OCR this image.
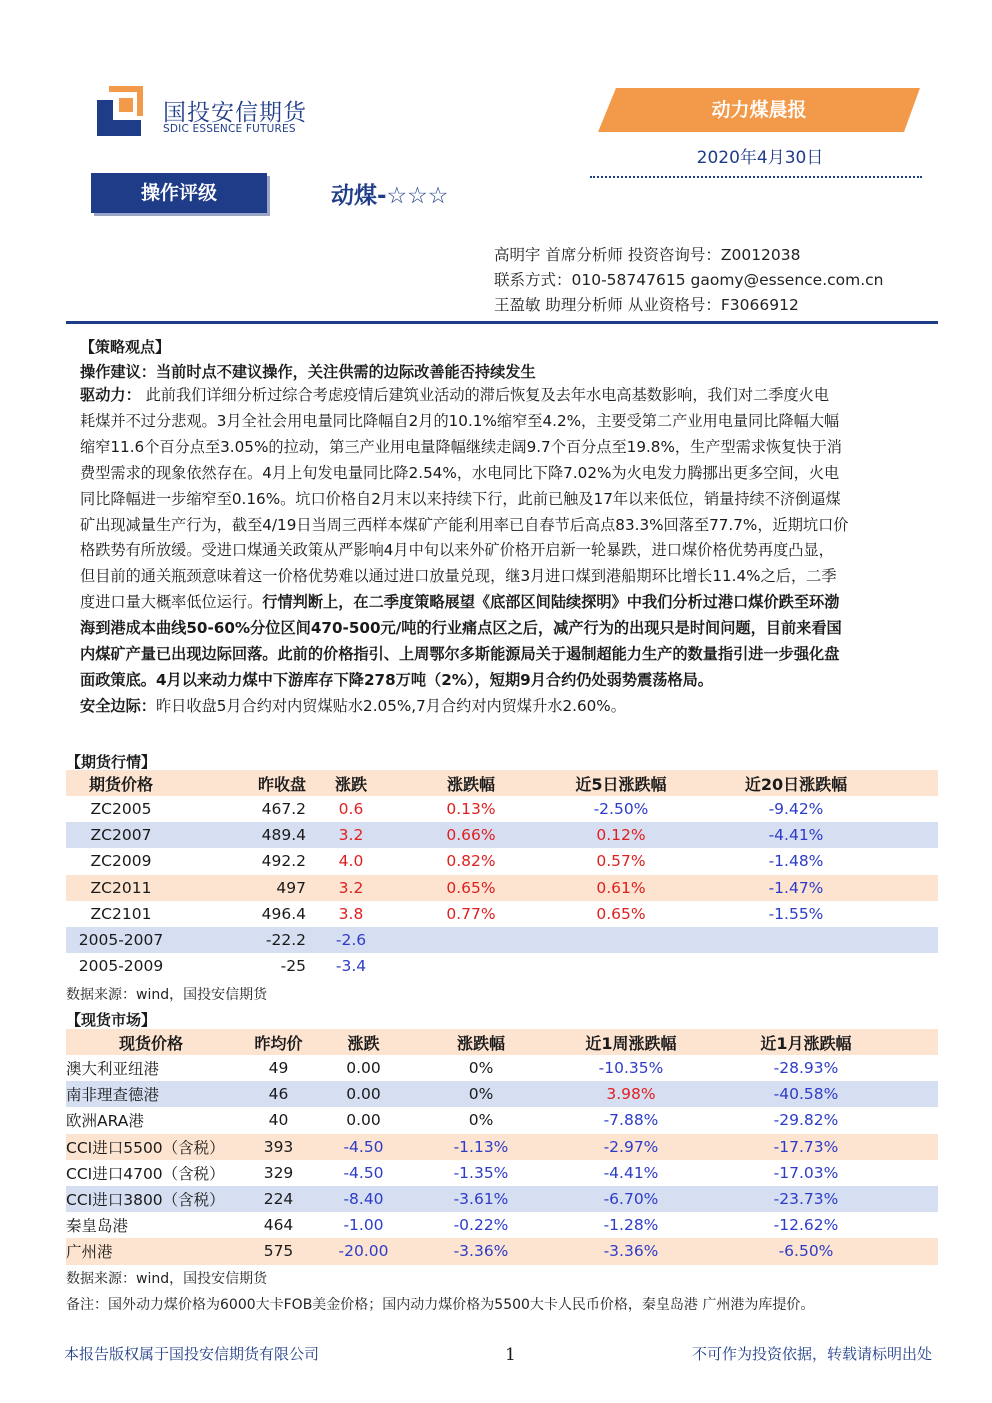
国投安信期货
SDIC ESSENCE FUTURES
动力煤晨报
2020年4月30日
操作评级	动煤-☆☆☆
高明宇 首席分析师 投资咨询号：Z0012038
联系方式：010-58747615 gaomy@essence.com.cn
王盈敏 助理分析师 从业资格号：F3066912
【策略观点】
操作建议：当前时点不建议操作，关注供需的边际改善能否持续发生
驱动力： 此前我们详细分析过综合考虑疫情后建筑业活动的滞后恢复及去年水电高基数影响，我们对二季度火电
耗煤并不过分悲观。3月全社会用电量同比降幅自2月的10.1%缩窄至4.2%，主要受第二产业用电量同比降幅大幅
缩窄11.6个百分点至3.05%的拉动，第三产业用电量降幅继续走阔9.7个百分点至19.8%，生产型需求恢复快于消
费型需求的现象依然存在。4月上旬发电量同比降2.54%，水电同比下降7.02%为火电发力腾挪出更多空间，火电
同比降幅进一步缩窄至0.16%。坑口价格自2月末以来持续下行，此前已触及17年以来低位，销量持续不济倒逼煤
矿出现减量生产行为，截至4/19日当周三西样本煤矿产能利用率已自春节后高点83.3%回落至77.7%，近期坑口价
格跌势有所放缓。受进口煤通关政策从严影响4月中旬以来外矿价格开启新一轮暴跌，进口煤价格优势再度凸显，
但目前的通关瓶颈意味着这一价格优势难以通过进口放量兑现，继3月进口煤到港船期环比增长11.4%之后，二季
度进口量大概率低位运行。行情判断上，在二季度策略展望《底部区间陆续探明》中我们分析过港口煤价跌至环渤
海到港成本曲线50-60%分位区间470-500元/吨的行业痛点区之后，减产行为的出现只是时间问题，目前来看国
内煤矿产量已出现边际回落。此前的价格指引、上周鄂尔多斯能源局关于遏制超能力生产的数量指引进一步强化盘
面政策底。4月以来动力煤中下游库存下降278万吨（2%），短期9月合约仍处弱势震荡格局。
安全边际：昨日收盘5月合约对内贸煤贴水2.05%,7月合约对内贸煤升水2.60%。
【期货行情】
期货价格	昨收盘	涨跌	涨跌幅	近5日涨跌幅	近20日涨跌幅	
ZC2005	467.2	0.6	0.13%	-2.50%	-9.42%	
ZC2007	489.4	3.2	0.66%	0.12%	-4.41%	
ZC2009	492.2	4.0	0.82%	0.57%	-1.48%	
ZC2011	497	3.2	0.65%	0.61%	-1.47%	
ZC2101	496.4	3.8	0.77%	0.65%	-1.55%	
2005-2007	-22.2	-2.6				
2005-2009	-25	-3.4				
数据来源：wind，国投安信期货
【现货市场】
现货价格	昨均价	涨跌	涨跌幅	近1周涨跌幅	近1月涨跌幅	
澳大利亚纽港	49	0.00	0%	-10.35%	-28.93%	
南非理查德港	46	0.00	0%	3.98%	-40.58%	
欧洲ARA港	40	0.00	0%	-7.88%	-29.82%	
CCI进口5500（含税）	393	-4.50	-1.13%	-2.97%	-17.73%	
CCI进口4700（含税）	329	-4.50	-1.35%	-4.41%	-17.03%	
CCI进口3800（含税）	224	-8.40	-3.61%	-6.70%	-23.73%	
秦皇岛港	464	-1.00	-0.22%	-1.28%	-12.62%	
广州港	575	-20.00	-3.36%	-3.36%	-6.50%	
数据来源：wind，国投安信期货
备注：国外动力煤价格为6000大卡FOB美金价格；国内动力煤价格为5500大卡人民币价格，秦皇岛港 广州港为库提价。
本报告版权属于国投安信期货有限公司	1	不可作为投资依据，转载请标明出处
